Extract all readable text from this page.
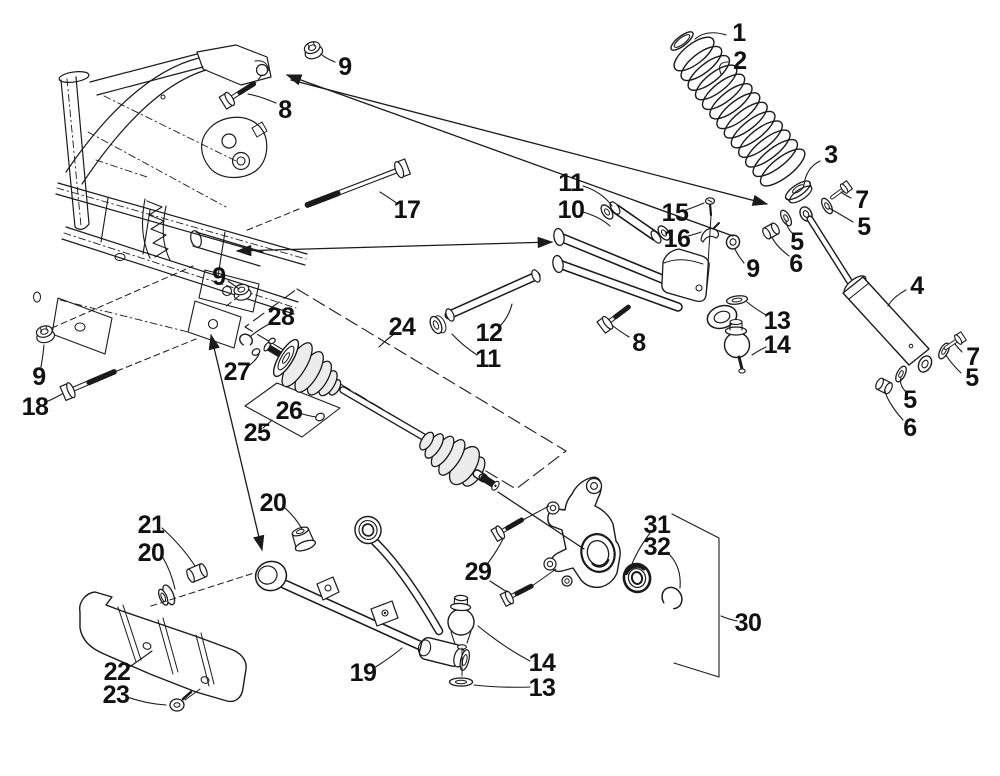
1
2
3
7
5
5
6
4
7
5
5
6
9
8
17
11
10	15
16
9
13
14
8
12
11
24
9
28
27
9
18	26
25
21
20
20
22
23
19
29
14
13
31
32
30
